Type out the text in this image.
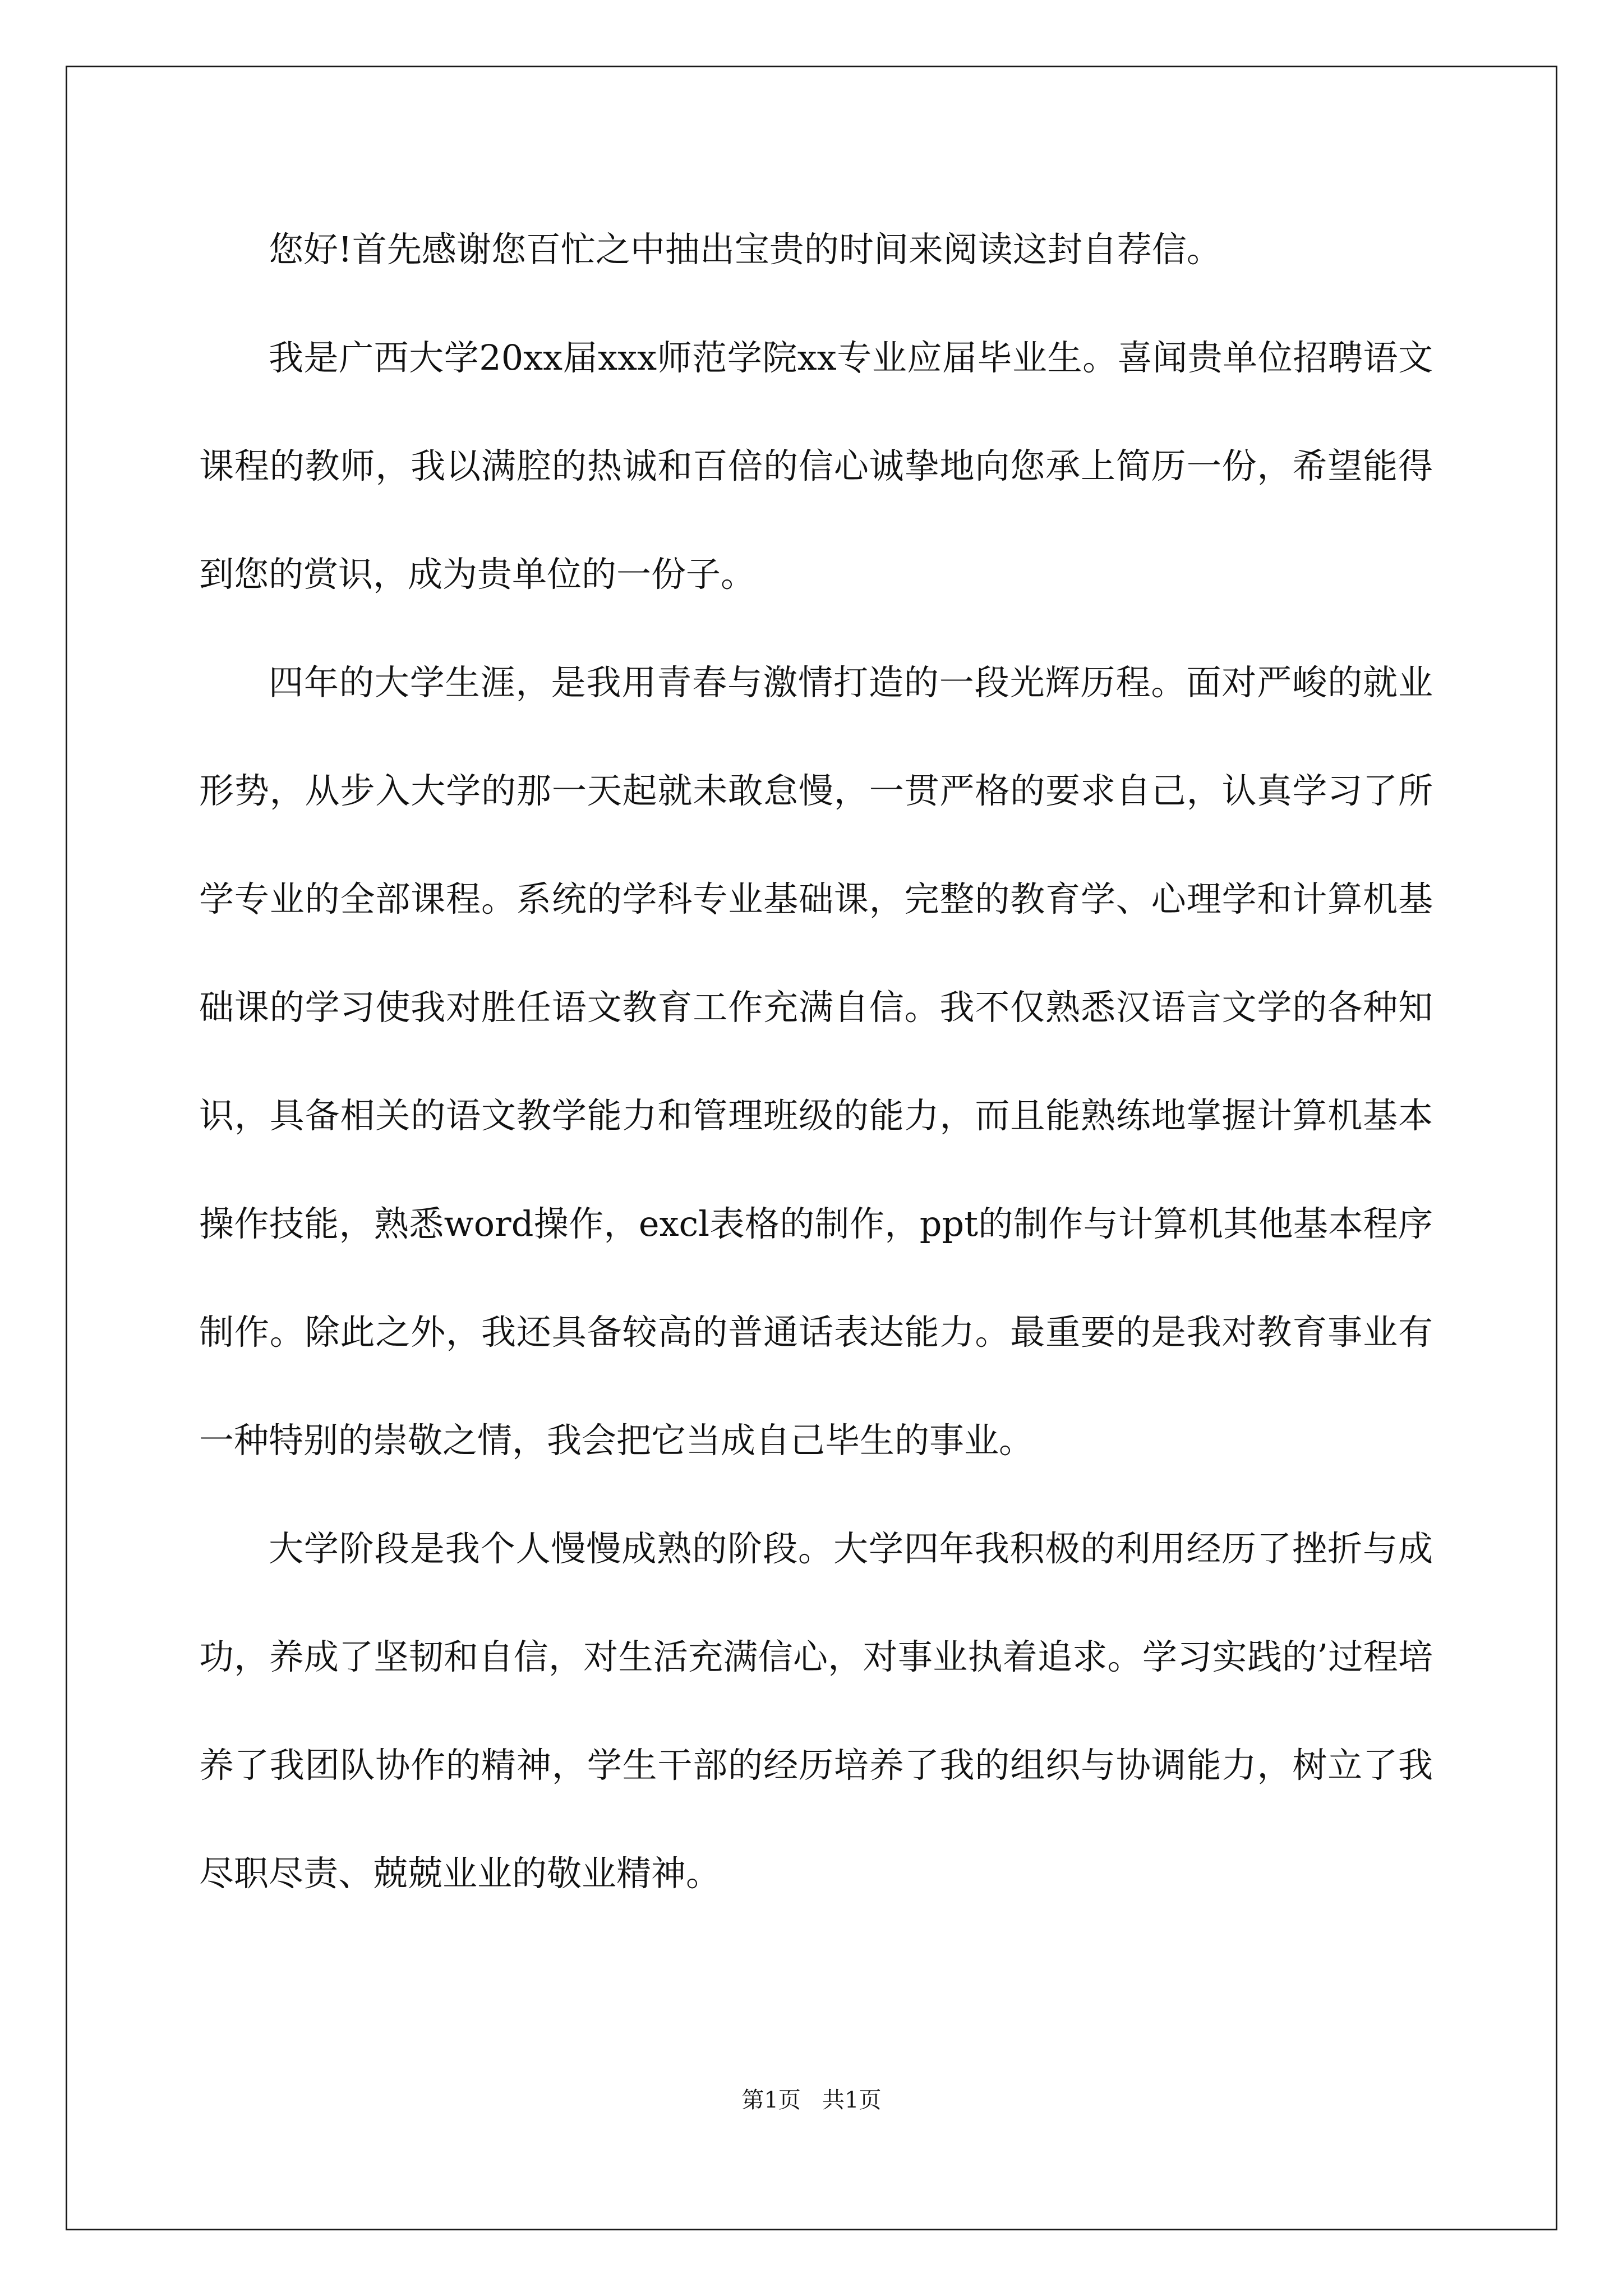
您好!首先感谢您百忙之中抽出宝贵的时间来阅读这封自荐信。

我是广西大学20xx届xxx师范学院xx专业应届毕业生。喜闻贵单位招聘语文课程的教师，我以满腔的热诚和百倍的信心诚挚地向您承上简历一份，希望能得到您的赏识，成为贵单位的一份子。

四年的大学生涯，是我用青春与激情打造的一段光辉历程。面对严峻的就业形势，从步入大学的那一天起就未敢怠慢，一贯严格的要求自己，认真学习了所学专业的全部课程。系统的学科专业基础课，完整的教育学、心理学和计算机基础课的学习使我对胜任语文教育工作充满自信。我不仅熟悉汉语言文学的各种知识，具备相关的语文教学能力和管理班级的能力，而且能熟练地掌握计算机基本操作技能，熟悉word操作，excl表格的制作，ppt的制作与计算机其他基本程序制作。除此之外，我还具备较高的普通话表达能力。最重要的是我对教育事业有一种特别的崇敬之情，我会把它当成自己毕生的事业。

大学阶段是我个人慢慢成熟的阶段。大学四年我积极的利用经历了挫折与成功，养成了坚韧和自信，对生活充满信心，对事业执着追求。学习实践的’过程培养了我团队协作的精神，学生干部的经历培养了我的组织与协调能力，树立了我尽职尽责、兢兢业业的敬业精神。

第1页   共1页
